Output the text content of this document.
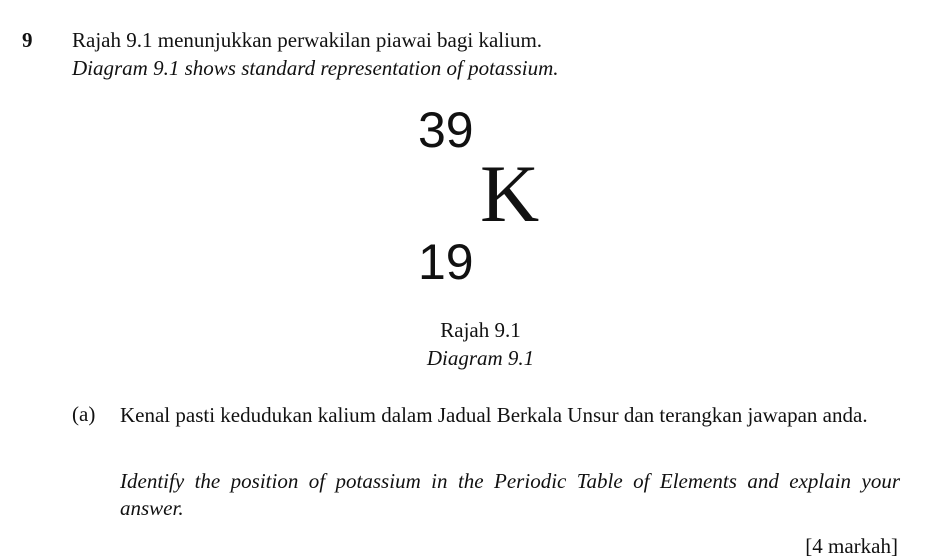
9 Rajah 9.1 menunjukkan perwakilan piawai bagi kalium.
Diagram 9.1 shows standard representation of potassium.
39
K
19
Rajah 9.1
Diagram 9.1
(a) Kenal pasti kedudukan kalium dalam Jadual Berkala Unsur dan terangkan jawapan anda.
Identify the position of potassium in the Periodic Table of Elements and explain your answer.
[4 markah]
